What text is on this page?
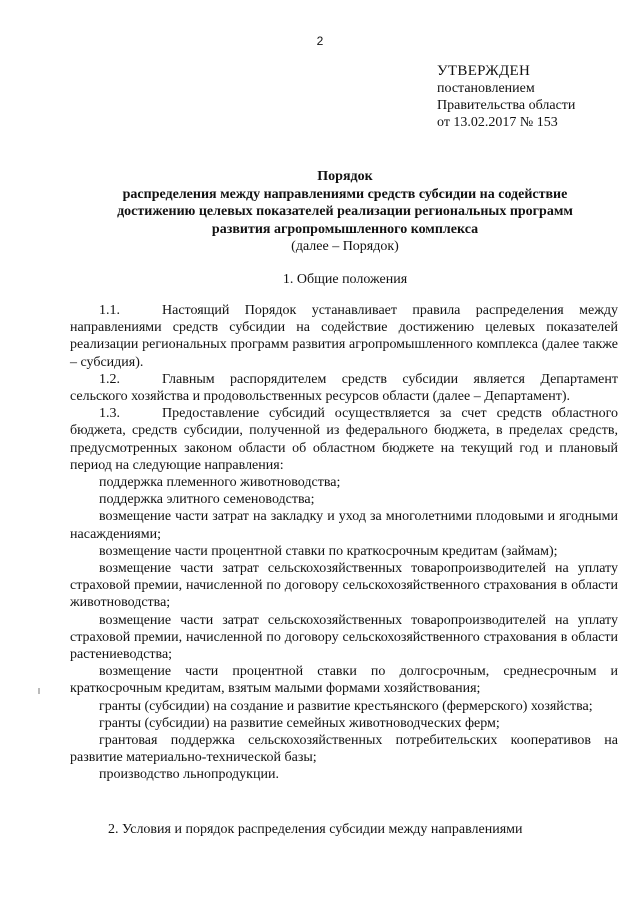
2
УТВЕРЖДЕН
постановлением
Правительства области
от 13.02.2017 № 153
Порядок
распределения между направлениями средств субсидии на содействие
достижению целевых показателей реализации региональных программ
развития агропромышленного комплекса
(далее – Порядок)
1. Общие положения

1.1.	Настоящий Порядок устанавливает правила распределения между направлениями средств субсидии на содействие достижению целевых показателей реализации региональных программ развития агропромышленного комплекса (далее также – субсидия).

1.2.	Главным распорядителем средств субсидии является Департамент сельского хозяйства и продовольственных ресурсов области (далее – Департамент).

1.3.	Предоставление субсидий осуществляется за счет средств областного бюджета, средств субсидии, полученной из федерального бюджета, в пределах средств, предусмотренных законом области об областном бюджете на текущий год и плановый период на следующие направления:

поддержка племенного животноводства;

поддержка элитного семеноводства;

возмещение части затрат на закладку и уход за многолетними плодовыми и ягодными насаждениями;

возмещение части процентной ставки по краткосрочным кредитам (займам);

возмещение части затрат сельскохозяйственных товаропроизводителей на уплату страховой премии, начисленной по договору сельскохозяйственного страхования в области животноводства;

возмещение части затрат сельскохозяйственных товаропроизводителей на уплату страховой премии, начисленной по договору сельскохозяйственного страхования в области растениеводства;

возмещение части процентной ставки по долгосрочным, среднесрочным и краткосрочным кредитам, взятым малыми формами хозяйствования;

гранты (субсидии) на создание и развитие крестьянского (фермерского) хозяйства;

гранты (субсидии) на развитие семейных животноводческих ферм;

грантовая поддержка сельскохозяйственных потребительских кооперативов на развитие материально-технической базы;

производство льнопродукции.

2. Условия и порядок распределения субсидии между направлениями
